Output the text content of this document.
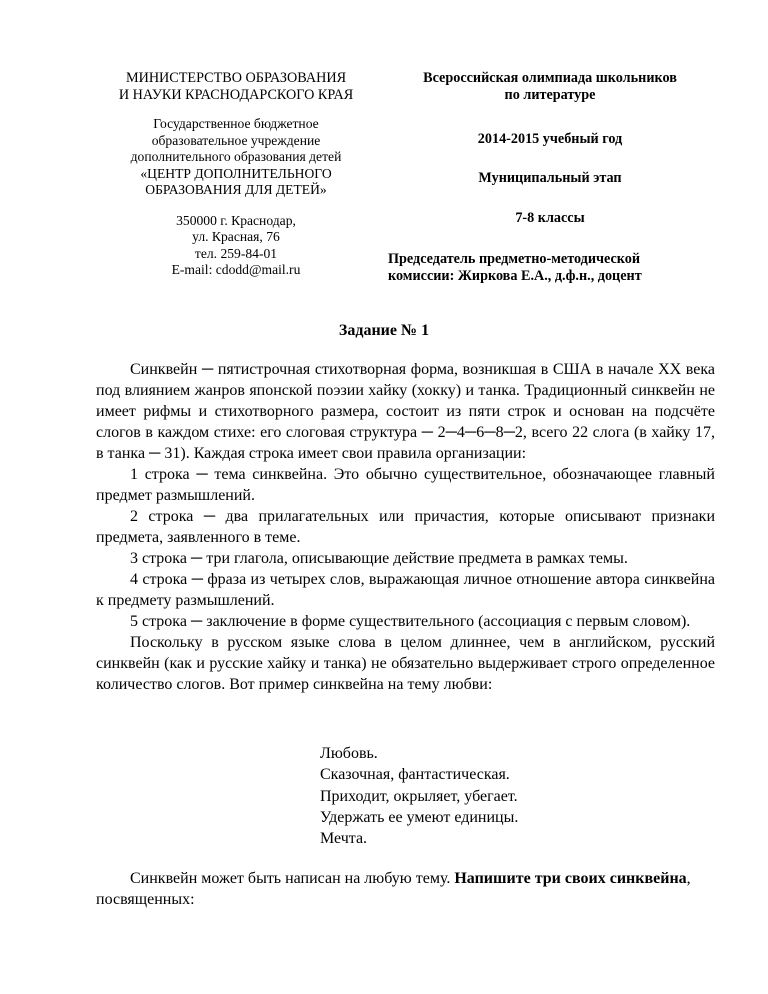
МИНИСТЕРСТВО ОБРАЗОВАНИЯ
И НАУКИ КРАСНОДАРСКОГО КРАЯ
Государственное бюджетное
образовательное учреждение
дополнительного образования детей
«ЦЕНТР ДОПОЛНИТЕЛЬНОГО
ОБРАЗОВАНИЯ ДЛЯ ДЕТЕЙ»
350000 г. Краснодар,
ул. Красная, 76
тел. 259-84-01
E-mail: cdodd@mail.ru
Всероссийская олимпиада школьников
по литературе
2014-2015 учебный год
Муниципальный этап
7-8 классы
Председатель предметно-методической
комиссии: Жиркова Е.А., д.ф.н., доцент
Задание № 1

Синквейн ─ пятистрочная стихотворная форма, возникшая в США в начале XX века под влиянием жанров японской поэзии хайку (хокку) и танка. Традиционный синквейн не имеет рифмы и стихотворного размера, состоит из пяти строк и основан на подсчёте слогов в каждом стихе: его слоговая структура ─ 2─4─6─8─2, всего 22 слога (в хайку 17, в танка ─ 31). Каждая строка имеет свои правила организации:

1 строка ─ тема синквейна. Это обычно существительное, обозначающее главный предмет размышлений.

2 строка ─ два прилагательных или причастия, которые описывают признаки предмета, заявленного в теме.

3 строка ─ три глагола, описывающие действие предмета в рамках темы.

4 строка ─ фраза из четырех слов, выражающая личное отношение автора синквейна к предмету размышлений.

5 строка ─ заключение в форме существительного (ассоциация с первым словом).

Поскольку в русском языке слова в целом длиннее, чем в английском, русский синквейн (как и русские хайку и танка) не обязательно выдерживает строго определенное количество слогов. Вот пример синквейна на тему любви:

Любовь.
Сказочная, фантастическая.
Приходит, окрыляет, убегает.
Удержать ее умеют единицы.
Мечта.

Синквейн может быть написан на любую тему. Напишите три своих синквейна, посвященных:
